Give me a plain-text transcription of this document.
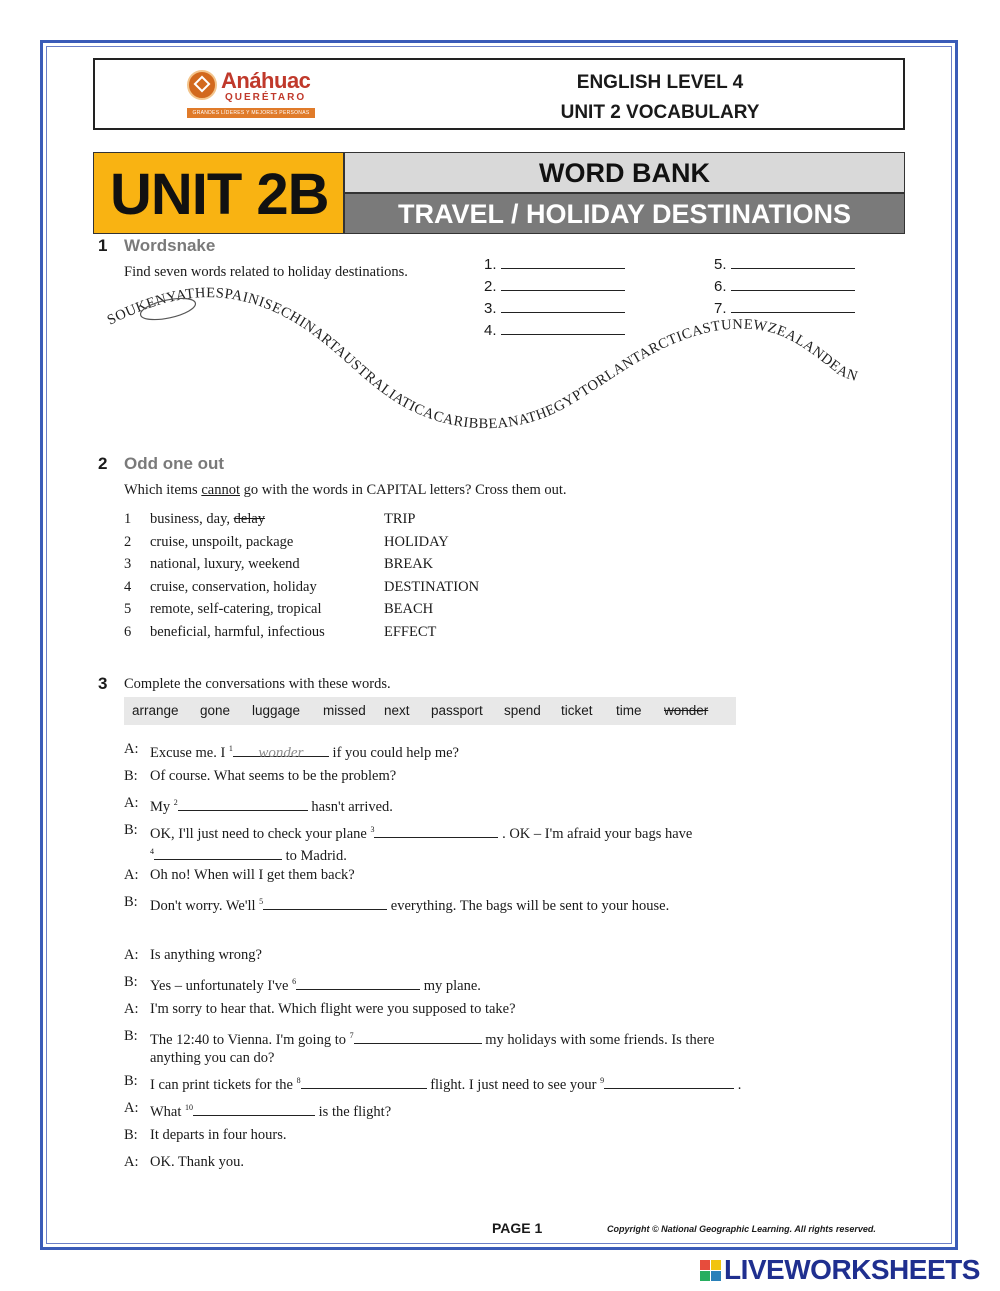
Anáhuac
QUERÉTARO
GRANDES LÍDERES Y MEJORES PERSONAS
ENGLISH LEVEL 4
UNIT 2 VOCABULARY
UNIT 2B	WORD BANK
TRAVEL / HOLIDAY DESTINATIONS
1 Wordsnake
Find seven words related to holiday destinations.	1.
2.
3.
4.
5.
6.
7.
SOUKENYATHESPAINISECHINARTAUSTRALIATICACARIBBEANATHEGYPTORLANTARCTICASTUNEWZEALANDEAN
2 Odd one out
Which items cannot go with the words in CAPITAL letters? Cross them out.
1 business, day, delay	TRIP
2 cruise, unspoilt, package	HOLIDAY
3 national, luxury, weekend	BREAK
4 cruise, conservation, holiday	DESTINATION
5 remote, self-catering, tropical	BEACH
6 beneficial, harmful, infectious	EFFECT
3 Complete the conversations with these words.
arrange gone luggage missed next passport spend ticket time wonder
A: Excuse me. I $^1$ wonder if you could help me?
B: Of course. What seems to be the problem?
A: My $^2$	hasn't arrived.
B: OK, I'll just need to check your plane $^3$	. OK – I'm afraid your bags have
$^4$	to Madrid.
A: Oh no! When will I get them back?
B: Don't worry. We'll $^5$	everything. The bags will be sent to your house.
A: Is anything wrong?
B: Yes – unfortunately I've $^6$	my plane.
A: I'm sorry to hear that. Which flight were you supposed to take?
B: The 12:40 to Vienna. I'm going to $^7$	my holidays with some friends. Is there
anything you can do?
B: I can print tickets for the $^8$	flight. I just need to see your $^9$	.
A: What $^{10}$	is the flight?
B: It departs in four hours.
A: OK. Thank you.
PAGE 1	Copyright © National Geographic Learning. All rights reserved.
LIVEWORKSHEETS
